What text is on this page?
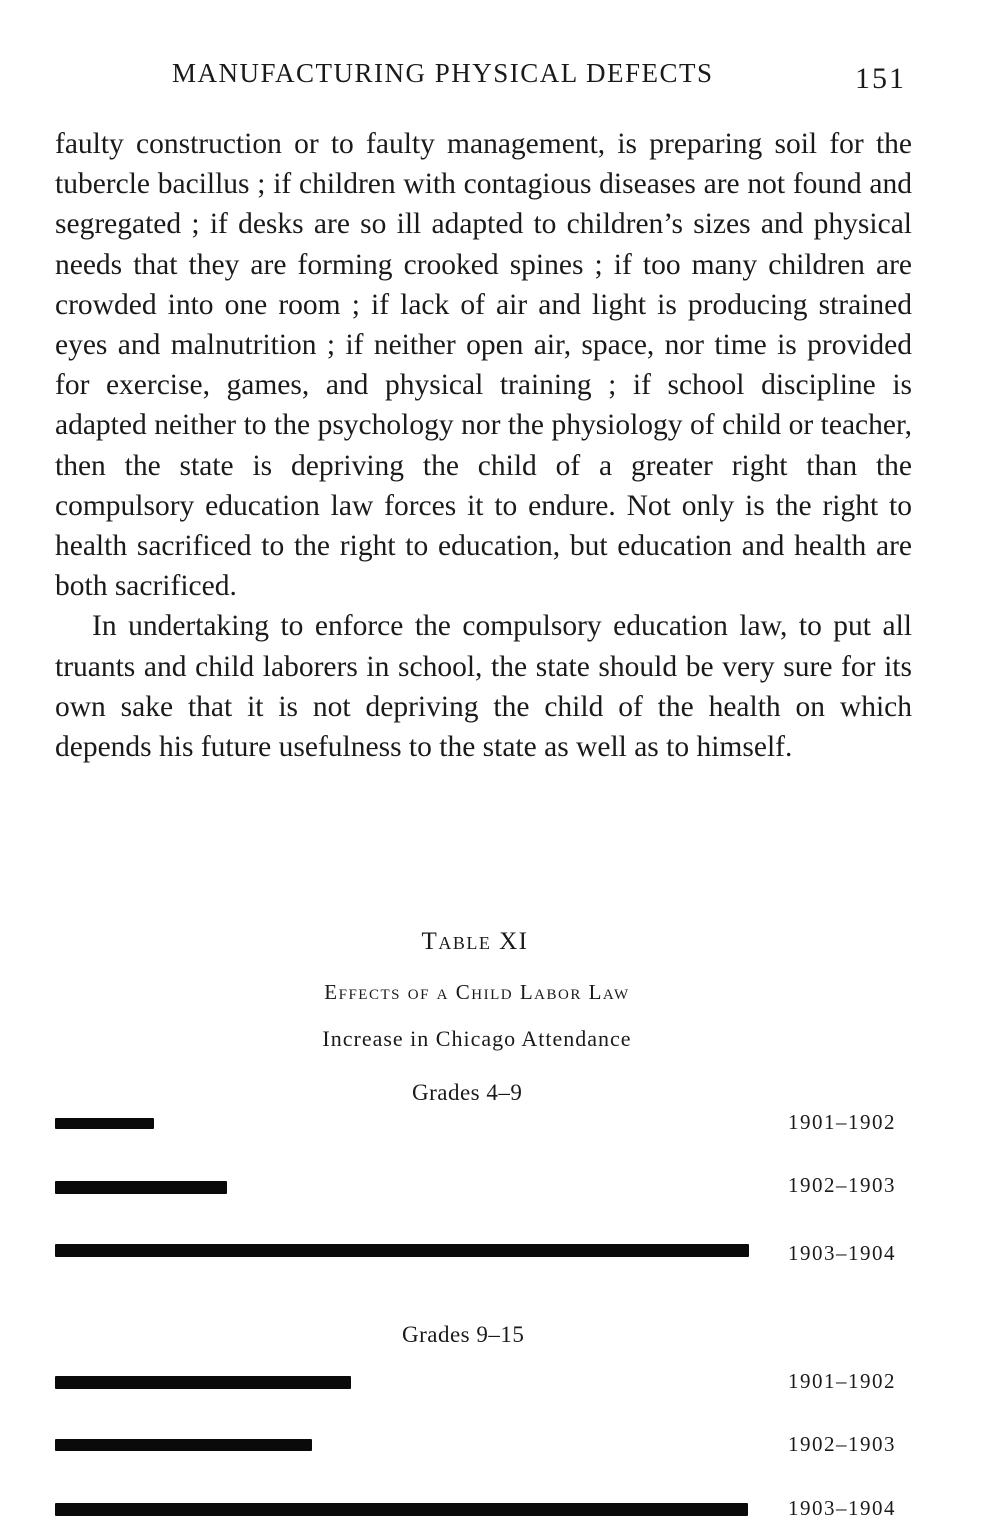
MANUFACTURING PHYSICAL DEFECTS	151

faulty construction or to faulty management, is preparing soil for the tubercle bacillus ; if children with contagious diseases are not found and segregated ; if desks are so ill adapted to children’s sizes and physical needs that they are forming crooked spines ; if too many children are crowded into one room ; if lack of air and light is producing strained eyes and malnutrition ; if neither open air, space, nor time is provided for exercise, games, and physical training ; if school discipline is adapted neither to the psychology nor the physiology of child or teacher, then the state is depriving the child of a greater right than the compulsory education law forces it to endure. Not only is the right to health sacrificed to the right to education, but education and health are both sacrificed.

In undertaking to enforce the compulsory education law, to put all truants and child laborers in school, the state should be very sure for its own sake that it is not depriving the child of the health on which depends his future usefulness to the state as well as to himself.

Table XI
Effects of a Child Labor Law
Increase in Chicago Attendance
Grades 4–9
1901–1902
1902–1903
1903–1904
Grades 9–15
1901–1902
1902–1903
1903–1904
